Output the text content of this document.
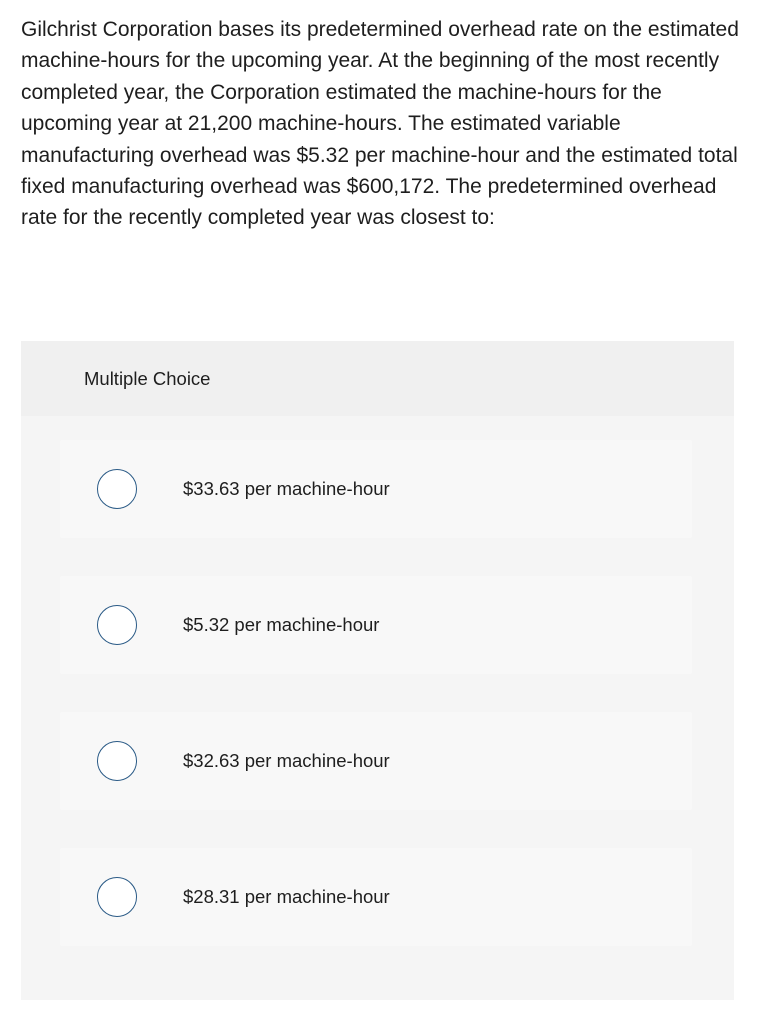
Gilchrist Corporation bases its predetermined overhead rate on the estimated machine-hours for the upcoming year. At the beginning of the most recently completed year, the Corporation estimated the machine-hours for the upcoming year at 21,200 machine-hours. The estimated variable manufacturing overhead was $5.32 per machine-hour and the estimated total fixed manufacturing overhead was $600,172. The predetermined overhead rate for the recently completed year was closest to:
Multiple Choice
$33.63 per machine-hour
$5.32 per machine-hour
$32.63 per machine-hour
$28.31 per machine-hour
